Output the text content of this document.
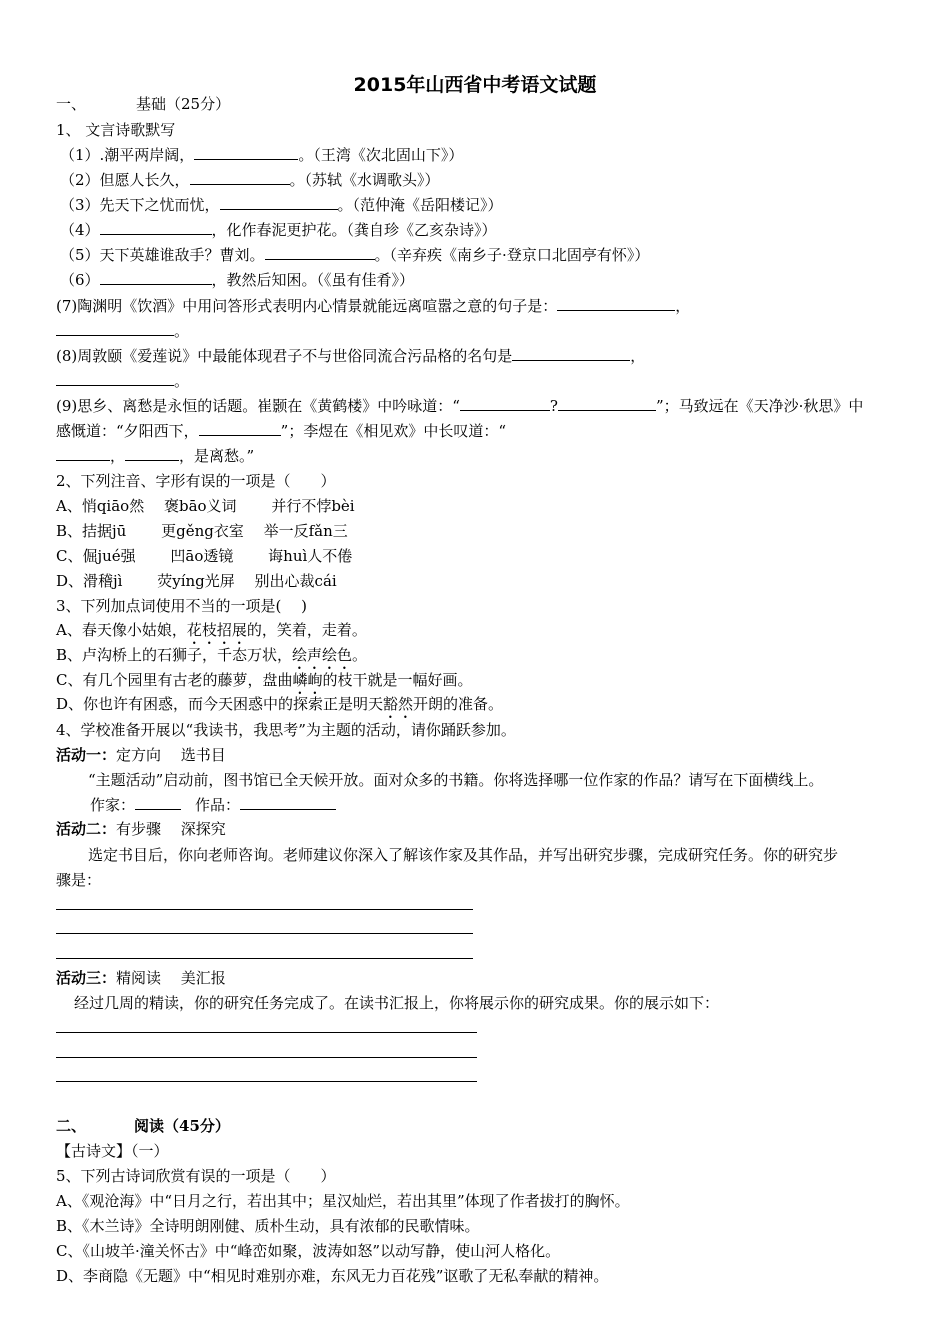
2015年山西省中考语文试题
一、	基础（25分）
1、 文言诗歌默写
（1）.潮平两岸阔，	。（王湾《次北固山下》）
（2）但愿人长久，	。（苏轼《水调歌头》）
（3）先天下之忧而忧，	。（范仲淹《岳阳楼记》）
（4）	，化作春泥更护花。（龚自珍《乙亥杂诗》）
（5）天下英雄谁敌手？曹刘。	。（辛弃疾《南乡子·登京口北固亭有怀》）
（6）	，教然后知困。（《虽有佳肴》）
(7)陶渊明《饮酒》中用问答形式表明内心情景就能远离喧嚣之意的句子是：	，
。
(8)周敦颐《爱莲说》中最能体现君子不与世俗同流合污品格的名句是	，
。
(9)思乡、离愁是永恒的话题。崔颢在《黄鹤楼》中吟咏道：“	?	”；马致远在《天净沙·秋思》中
感慨道：“夕阳西下，	”；李煜在《相见欢》中长叹道：“
，	，是离愁。”
2、下列注音、字形有误的一项是（　　）
A、悄qiāo然　 褒bāo义词　　 并行不悖bèi
B、拮据jū　　 更gěng衣室　 举一反fǎn三
C、倔jué强　　 凹āo透镜　　 诲huì人不倦
D、滑稽jì　　 荧yíng光屏　 别出心裁cái
3、下列加点词使用不当的一项是(　 )
A、春天像小姑娘，花枝招展的，笑着，走着。
B、卢沟桥上的石狮子，千态万状，绘声绘色。
C、有几个园里有古老的藤萝，盘曲嶙峋的枝干就是一幅好画。
D、你也许有困惑，而今天困惑中的探索正是明天豁然开朗的准备。
4、学校准备开展以“我读书，我思考”为主题的活动，请你踊跃参加。
活动一：定方向　 选书目
“主题活动”启动前，图书馆已全天候开放。面对众多的书籍。你将选择哪一位作家的作品？请写在下面横线上。
作家：	作品：
活动二：有步骤　 深探究
选定书目后，你向老师咨询。老师建议你深入了解该作家及其作品，并写出研究步骤，完成研究任务。你的研究步
骤是：
活动三：精阅读　 美汇报
经过几周的精读，你的研究任务完成了。在读书汇报上，你将展示你的研究成果。你的展示如下：
二、	阅读（45分）
【古诗文】（一）
5、下列古诗词欣赏有误的一项是（　　）
A、《观沧海》中“日月之行，若出其中；星汉灿烂，若出其里”体现了作者拔打的胸怀。
B、《木兰诗》全诗明朗刚健、质朴生动，具有浓郁的民歌情味。
C、《山坡羊·潼关怀古》中“峰峦如聚，波涛如怒”以动写静，使山河人格化。
D、李商隐《无题》中“相见时难别亦难，东风无力百花残”讴歌了无私奉献的精神。
